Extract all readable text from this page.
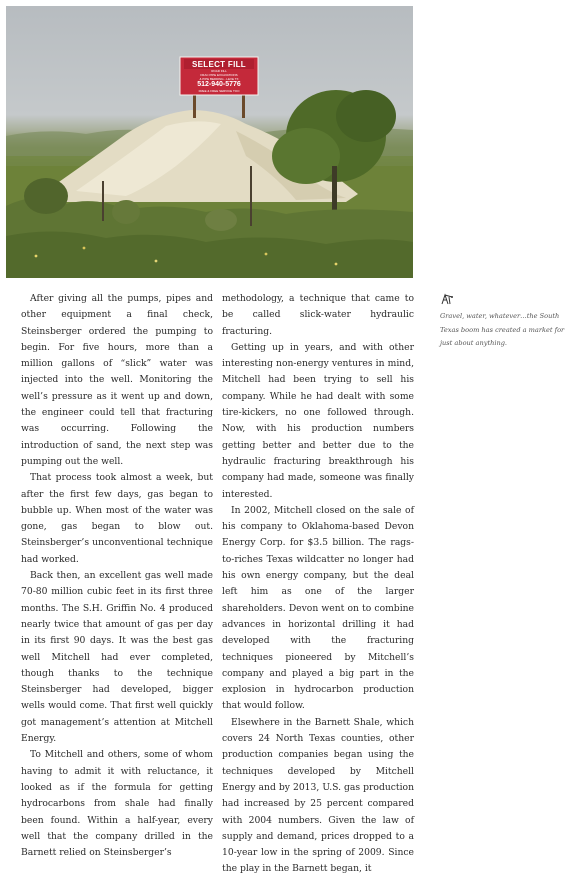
SELECT FILL
ROAD FILL
FRAC PIPE EXCAVATIONS
& PIPE BEDDING - LEVE TX
512-940-5776
FREE & FREE SERVICE TOO

After giving all the pumps, pipes and other equipment a final check, Steinsberger ordered the pumping to begin. For five hours, more than a million gallons of “slick” water was injected into the well. Monitoring the well’s pressure as it went up and down, the engineer could tell that fracturing was occurring. Following the introduction of sand, the next step was pumping out the well.

That process took almost a week, but after the first few days, gas began to bubble up. When most of the water was gone, gas began to blow out. Steinsberger’s unconventional technique had worked.

Back then, an excellent gas well made 70-80 million cubic feet in its first three months. The S.H. Griffin No. 4 produced nearly twice that amount of gas per day in its first 90 days. It was the best gas well Mitchell had ever completed, though thanks to the technique Steinsberger had developed, bigger wells would come. That first well quickly got management’s attention at Mitchell Energy.

To Mitchell and others, some of whom having to admit it with reluctance, it looked as if the formula for getting hydrocarbons from shale had finally been found. Within a half-year, every well that the company drilled in the Barnett relied on Steinsberger’s

methodology, a technique that came to be called slick-water hydraulic fracturing.

Getting up in years, and with other interesting non-energy ventures in mind, Mitchell had been trying to sell his company. While he had dealt with some tire-kickers, no one followed through. Now, with his production numbers getting better and better due to the hydraulic fracturing breakthrough his company had made, someone was finally interested.

In 2002, Mitchell closed on the sale of his company to Oklahoma-based Devon Energy Corp. for $3.5 billion. The rags-to-riches Texas wildcatter no longer had his own energy company, but the deal left him as one of the larger shareholders. Devon went on to combine advances in horizontal drilling it had developed with the fracturing techniques pioneered by Mitchell’s company and played a big part in the explosion in hydrocarbon production that would follow.

Elsewhere in the Barnett Shale, which covers 24 North Texas counties, other production companies began using the techniques developed by Mitchell Energy and by 2013, U.S. gas production had increased by 25 percent compared with 2004 numbers. Given the law of supply and demand, prices dropped to a 10-year low in the spring of 2009. Since the play in the Barnett began, it

Gravel, water, whatever…the South Texas boom has created a market for just about anything.
